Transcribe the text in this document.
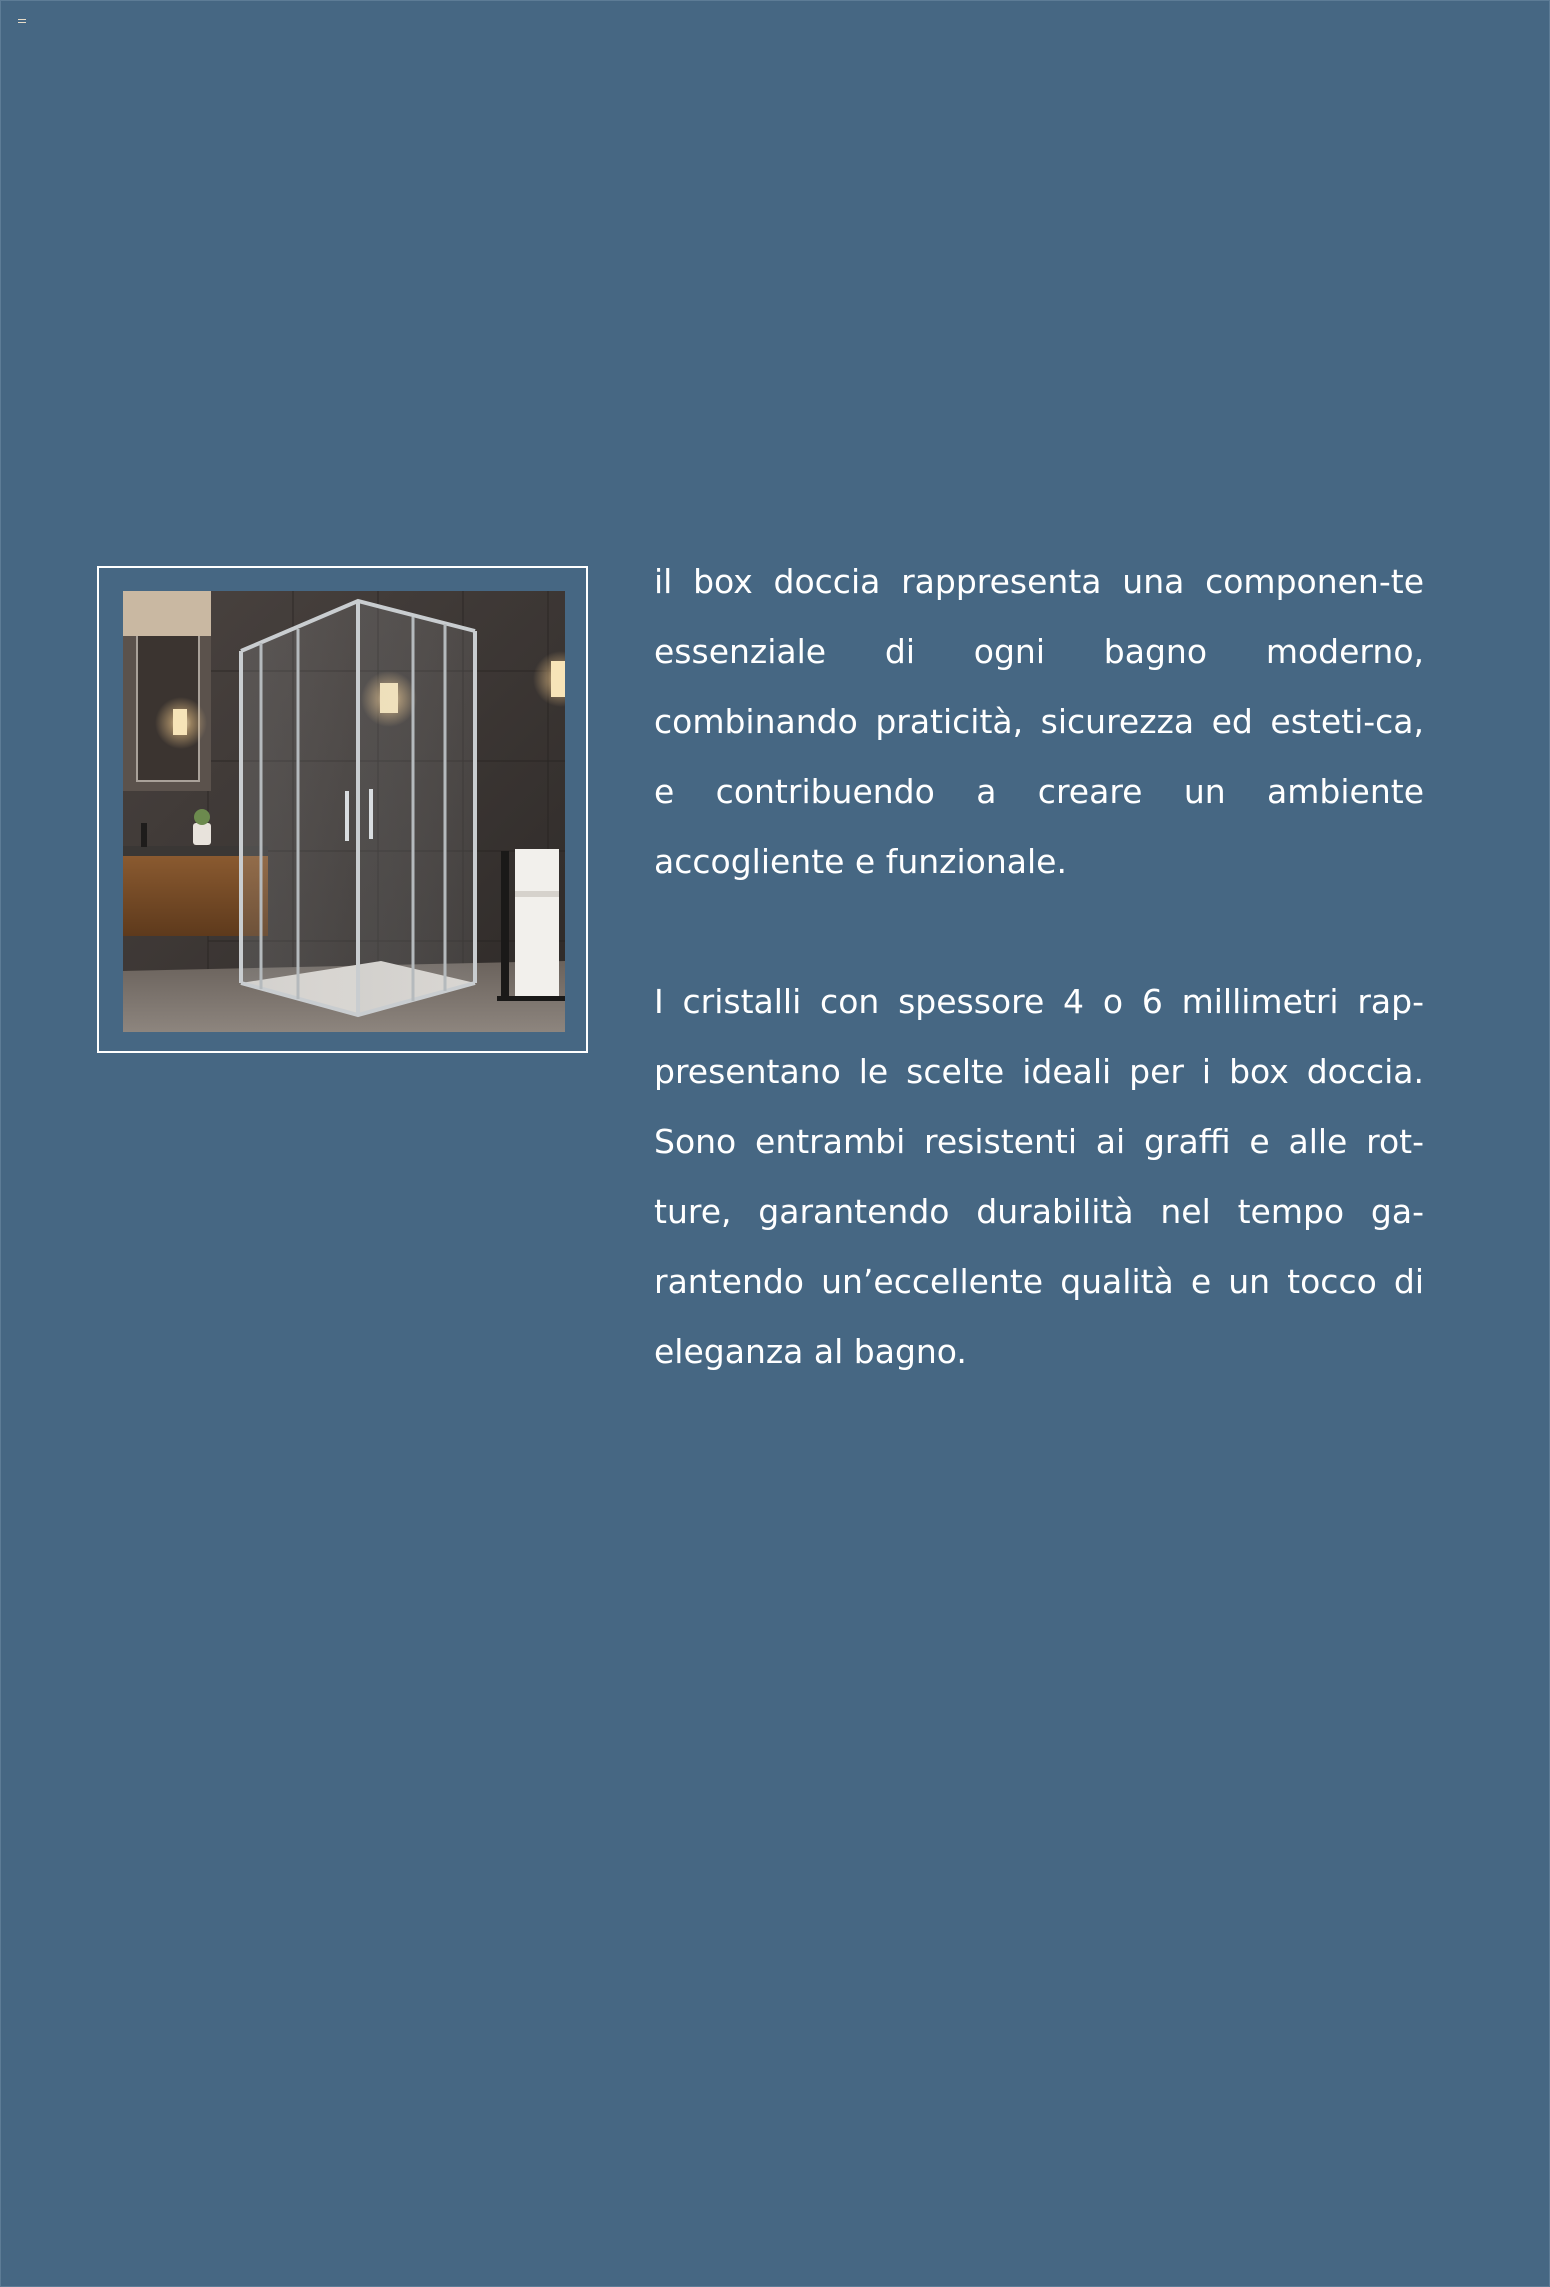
il box doccia rappresenta una componen-te essenziale di ogni bagno moderno, combinando praticità, sicurezza ed esteti-ca, e contribuendo a creare un ambiente accogliente e funzionale.

I cristalli con spessore 4 o 6 millimetri rap-presentano le scelte ideali per i box doccia. Sono entrambi resistenti ai graffi e alle rot-ture, garantendo durabilità nel tempo ga-rantendo un’eccellente qualità e un tocco di eleganza al bagno.
